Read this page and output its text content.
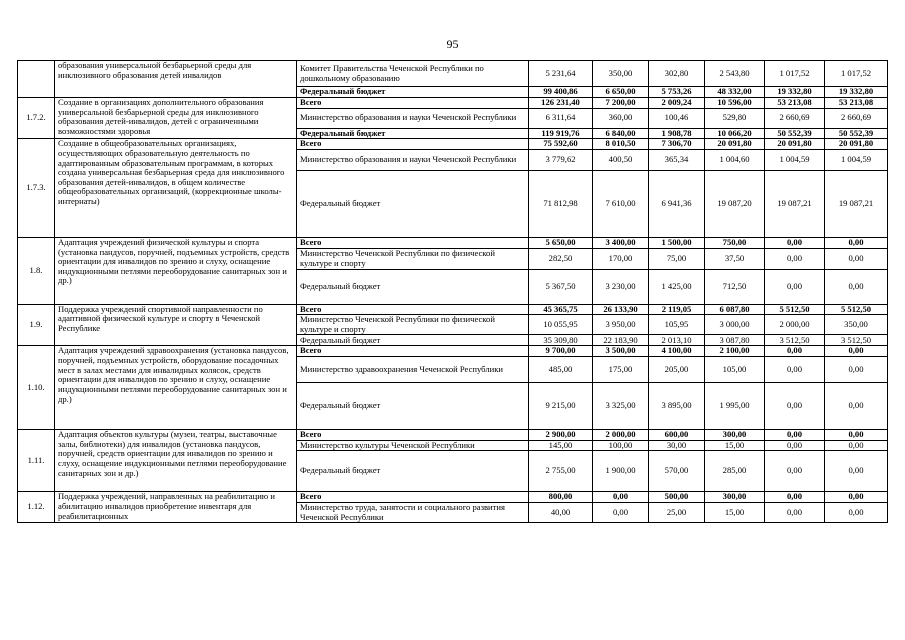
95
	образования универсальной безбарьерной среды для инклюзивного образования детей инвалидов	Комитет Правительства Чеченской Республики по дошкольному образованию	5 231,64	350,00	302,80	2 543,80	1 017,52	1 017,52
		Федеральный бюджет	99 400,86	6 650,00	5 753,26	48 332,00	19 332,80	19 332,80
1.7.2.	Создание в организациях дополнительного образования универсальной безбарьерной среды для инклюзивного образования детей-инвалидов, детей с ограниченными возможностями здоровья	Всего	126 231,40	7 200,00	2 009,24	10 596,00	53 213,08	53 213,08
		Министерство образования и науки Чеченской Республики	6 311,64	360,00	100,46	529,80	2 660,69	2 660,69
		Федеральный бюджет	119 919,76	6 840,00	1 908,78	10 066,20	50 552,39	50 552,39
1.7.3.	Создание в общеобразовательных организациях, осуществляющих образовательную деятельность по адаптированным образовательным программам, в которых создана универсальная безбарьерная среда для инклюзивного образования детей-инвалидов, в общем количестве общеобразовательных организаций, (коррекционные школы-интернаты)	Всего	75 592,60	8 010,50	7 306,70	20 091,80	20 091,80	20 091,80
		Министерство образования и науки Чеченской Республики	3 779,62	400,50	365,34	1 004,60	1 004,59	1 004,59
		Федеральный бюджет	71 812,98	7 610,00	6 941,36	19 087,20	19 087,21	19 087,21
1.8.	Адаптация учреждений физической культуры и спорта (установка пандусов, поручней, подъемных устройств, средств ориентации для инвалидов по зрению и слуху, оснащение индукционными петлями переоборудование санитарных зон и др.)	Всего	5 650,00	3 400,00	1 500,00	750,00	0,00	0,00
		Министерство Чеченской Республики по физической культуре и спорту	282,50	170,00	75,00	37,50	0,00	0,00
		Федеральный бюджет	5 367,50	3 230,00	1 425,00	712,50	0,00	0,00
1.9.	Поддержка учреждений спортивной направленности по адаптивной физической культуре и спорту в Чеченской Республике	Всего	45 365,75	26 133,90	2 119,05	6 087,80	5 512,50	5 512,50
		Министерство Чеченской Республики по физической культуре и спорту	10 055,95	3 950,00	105,95	3 000,00	2 000,00	350,00
		Федеральный бюджет	35 309,80	22 183,90	2 013,10	3 087,80	3 512,50	3 512,50
1.10.	Адаптация учреждений здравоохранения (установка пандусов, поручней, подъемных устройств, оборудование посадочных мест в залах местами для инвалидных колясок, средств ориентации для инвалидов по зрению и слуху, оснащение индукционными петлями переоборудование санитарных зон и др.)	Всего	9 700,00	3 500,00	4 100,00	2 100,00	0,00	0,00
		Министерство здравоохранения Чеченской Республики	485,00	175,00	205,00	105,00	0,00	0,00
		Федеральный бюджет	9 215,00	3 325,00	3 895,00	1 995,00	0,00	0,00
1.11.	Адаптация объектов культуры (музеи, театры, выставочные залы, библиотеки) для инвалидов (установка пандусов, поручней, средств ориентации для инвалидов по зрению и слуху, оснащение индукционными петлями переоборудование санитарных зон и др.)	Всего	2 900,00	2 000,00	600,00	300,00	0,00	0,00
		Министерство культуры Чеченской Республики	145,00	100,00	30,00	15,00	0,00	0,00
		Федеральный бюджет	2 755,00	1 900,00	570,00	285,00	0,00	0,00
1.12.	Поддержка учреждений, направленных на реабилитацию и абилитацию инвалидов приобретение инвентаря для реабилитационных	Всего	800,00	0,00	500,00	300,00	0,00	0,00
		Министерство труда, занятости и социального развития Чеченской Республики	40,00	0,00	25,00	15,00	0,00	0,00
